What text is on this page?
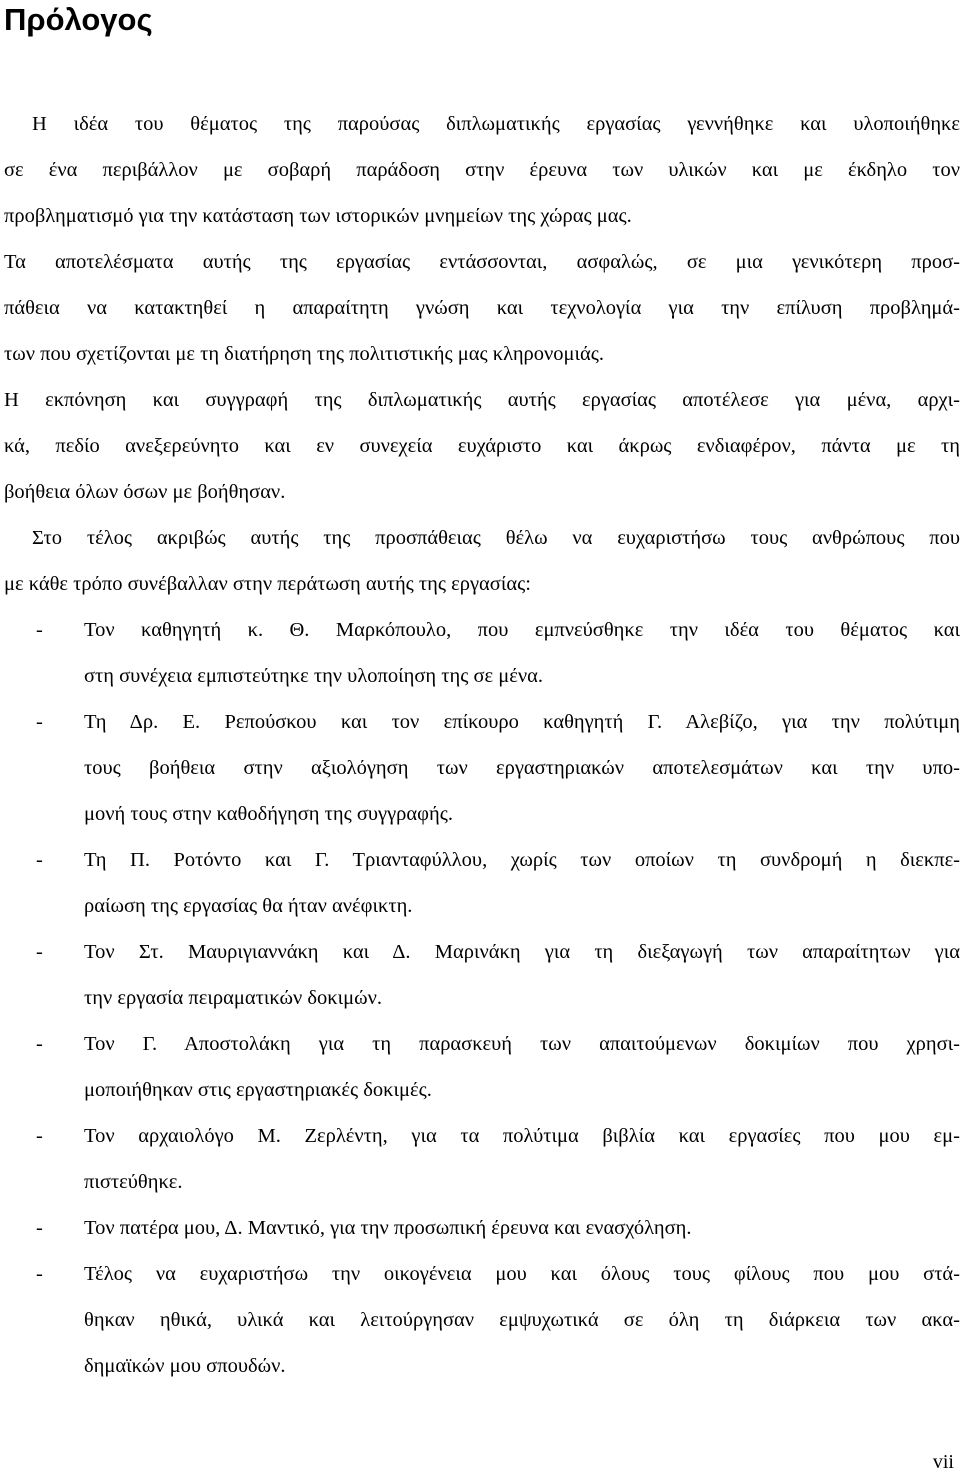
Πρόλογος
Η ιδέα του θέματος της παρούσας διπλωματικής εργασίας γεννήθηκε και υλοποιήθηκε
σε ένα περιβάλλον με σοβαρή παράδοση στην έρευνα των υλικών και με έκδηλο τον
προβληματισμό για την κατάσταση των ιστορικών μνημείων της χώρας μας.
Τα αποτελέσματα αυτής της εργασίας εντάσσονται, ασφαλώς, σε μια γενικότερη προσ-
πάθεια να κατακτηθεί η απαραίτητη γνώση και τεχνολογία για την επίλυση προβλημά-
των που σχετίζονται με τη διατήρηση της πολιτιστικής μας κληρονομιάς.
Η εκπόνηση και συγγραφή της διπλωματικής αυτής εργασίας αποτέλεσε για μένα, αρχι-
κά, πεδίο ανεξερεύνητο και εν συνεχεία ευχάριστο και άκρως ενδιαφέρον, πάντα με τη
βοήθεια όλων όσων με βοήθησαν.
Στο τέλος ακριβώς αυτής της προσπάθειας θέλω να ευχαριστήσω τους ανθρώπους που
με κάθε τρόπο συνέβαλλαν στην περάτωση αυτής της εργασίας:
- Τον καθηγητή κ. Θ. Μαρκόπουλο, που εμπνεύσθηκε την ιδέα του θέματος και
στη συνέχεια εμπιστεύτηκε την υλοποίηση της σε μένα.
- Τη Δρ. Ε. Ρεπούσκου και τον επίκουρο καθηγητή Γ. Αλεβίζο, για την πολύτιμη
τους βοήθεια στην αξιολόγηση των εργαστηριακών αποτελεσμάτων και την υπο-
μονή τους στην καθοδήγηση της συγγραφής.
- Τη Π. Ροτόντο και Γ. Τριανταφύλλου, χωρίς των οποίων τη συνδρομή η διεκπε-
ραίωση της εργασίας θα ήταν ανέφικτη.
- Τον Στ. Μαυριγιαννάκη και Δ. Μαρινάκη για τη διεξαγωγή των απαραίτητων για
την εργασία πειραματικών δοκιμών.
- Τον Γ. Αποστολάκη για τη παρασκευή των απαιτούμενων δοκιμίων που χρησι-
μοποιήθηκαν στις εργαστηριακές δοκιμές.
- Τον αρχαιολόγο Μ. Ζερλέντη, για τα πολύτιμα βιβλία και εργασίες που μου εμ-
πιστεύθηκε.
- Τον πατέρα μου, Δ. Μαντικό, για την προσωπική έρευνα και ενασχόληση.
- Τέλος να ευχαριστήσω την οικογένεια μου και όλους τους φίλους που μου στά-
θηκαν ηθικά, υλικά και λειτούργησαν εμψυχωτικά σε όλη τη διάρκεια των ακα-
δημαϊκών μου σπουδών.
vii
